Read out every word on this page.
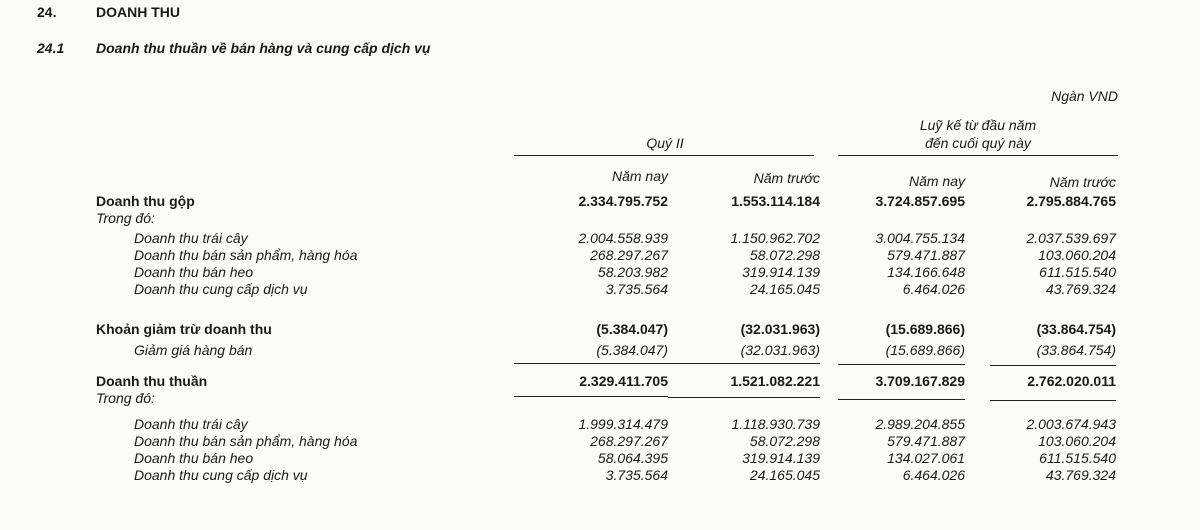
24.	DOANH THU
24.1 Doanh thu thuần về bán hàng và cung cấp dịch vụ
Ngàn VND
Quý II
Luỹ kế từ đầu năm
đến cuối quý này
Năm nay	Năm trước	Năm nay	Năm trước
Doanh thu gộp	2.334.795.752	1.553.114.184	3.724.857.695	2.795.884.765
Trong đó:
Doanh thu trái cây	2.004.558.939	1.150.962.702	3.004.755.134	2.037.539.697
Doanh thu bán sản phẩm, hàng hóa	268.297.267	58.072.298	579.471.887	103.060.204
Doanh thu bán heo	58.203.982	319.914.139	134.166.648	611.515.540
Doanh thu cung cấp dịch vụ	3.735.564	24.165.045	6.464.026	43.769.324
Khoản giảm trừ doanh thu	(5.384.047)	(32.031.963)	(15.689.866)	(33.864.754)
Giảm giá hàng bán	(5.384.047)	(32.031.963)	(15.689.866)	(33.864.754)
Doanh thu thuần	2.329.411.705	1.521.082.221	3.709.167.829	2.762.020.011
Trong đó:
Doanh thu trái cây	1.999.314.479	1.118.930.739	2.989.204.855	2.003.674.943
Doanh thu bán sản phẩm, hàng hóa	268.297.267	58.072.298	579.471.887	103.060.204
Doanh thu bán heo	58.064.395	319.914.139	134.027.061	611.515.540
Doanh thu cung cấp dịch vụ	3.735.564	24.165.045	6.464.026	43.769.324
